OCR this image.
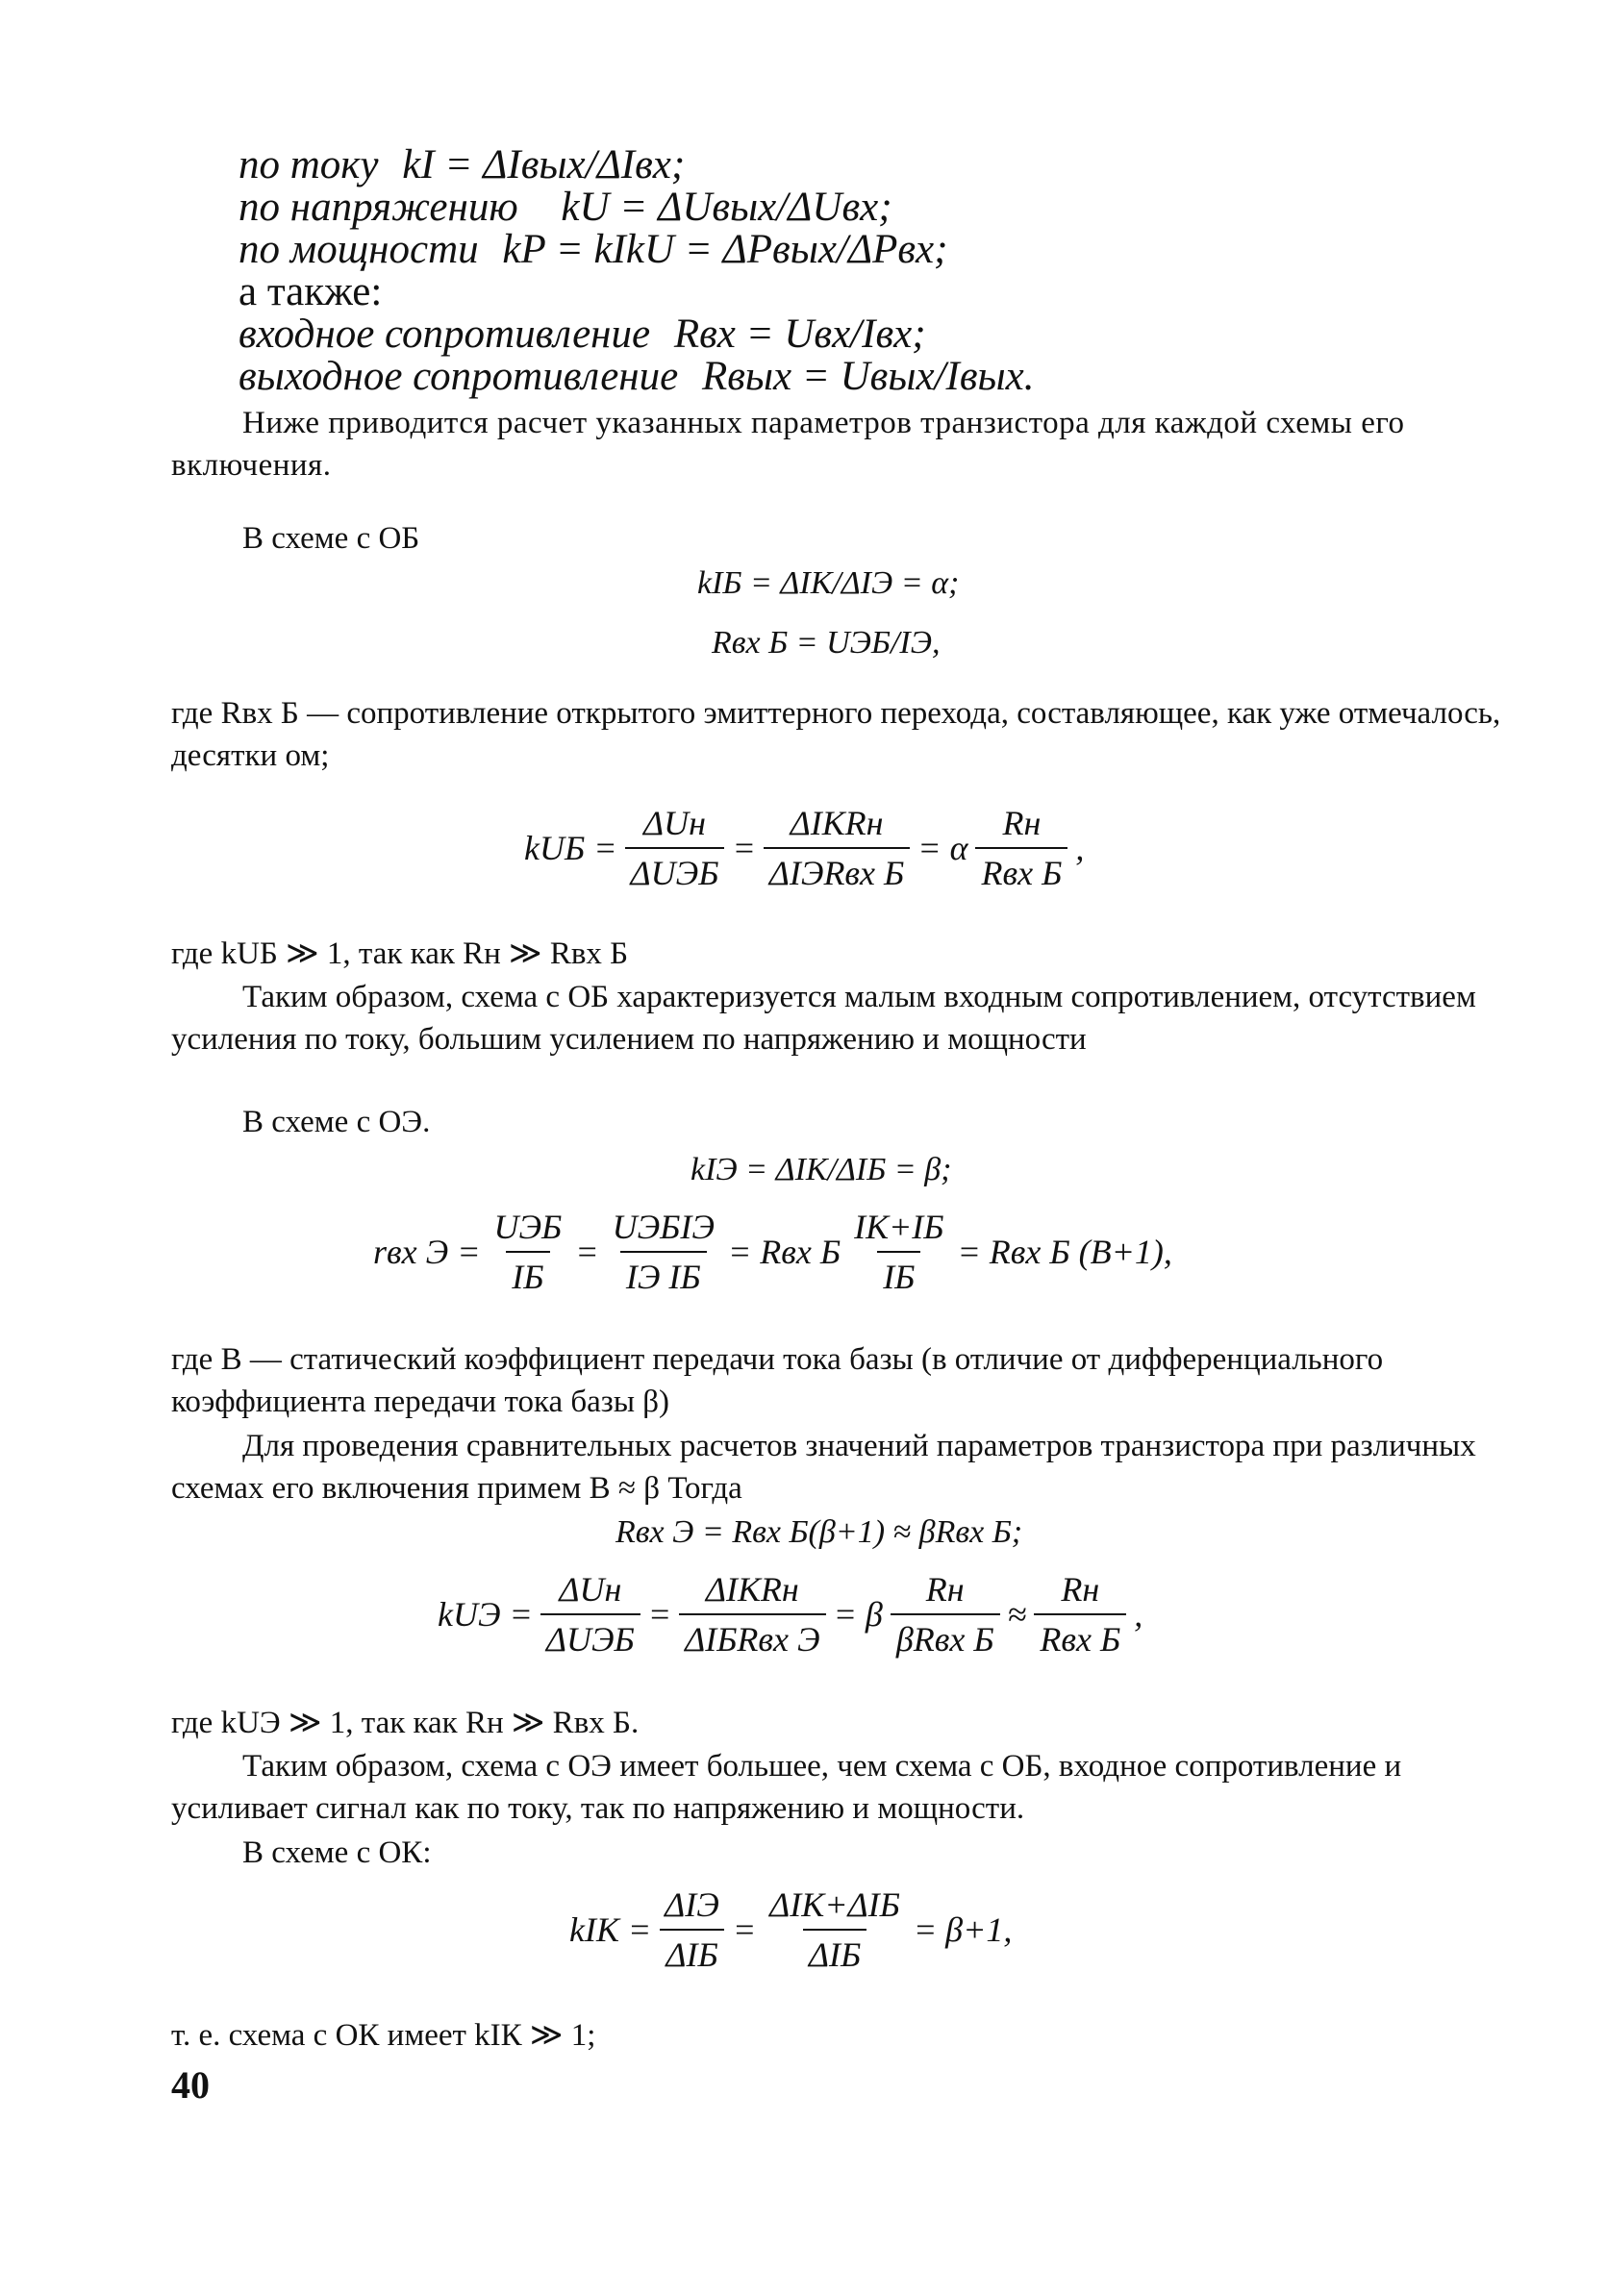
по току kI = ΔIвых/ΔIвх;
по напряжению kU = ΔUвых/ΔUвх;
по мощности kP = kIkU = ΔPвых/ΔPвх;
а также:
входное сопротивление Rвх = Uвх/Iвх;
выходное сопротивление Rвых = Uвых/Iвых.
Ниже приводится расчет указанных параметров транзистора для каждой схемы его включения.
В схеме с ОБ
kIБ = ΔIК/ΔIЭ = α;
Rвх Б = UЭБ/IЭ,
где Rвх Б — сопротивление открытого эмиттерного перехода, составляющее, как уже отмечалось, десятки ом;
kUБ = $\frac{\text{ΔUн}}{\text{ΔUЭБ}} = \frac{\text{ΔIКRн}}{\text{ΔIЭRвх Б}} = \alpha \frac{Rн}{\text{Rвх Б}}$ ,
где kUБ ≫ 1, так как Rн ≫ Rвх Б
Таким образом, схема с ОБ характеризуется малым входным сопротивлением, отсутствием усиления по току, большим усилением по напряжению и мощности
В схеме с ОЭ.
kIЭ = ΔIК/ΔIБ = β;
rвх $Э = \frac{\text{UЭБ}}{IБ} = \frac{\text{UЭБIЭ}}{\text{IЭ IБ}}$ = Rвх Б $\frac{IК+IБ}{IБ}$ = Rвх Б (B+1),
где B — статический коэффициент передачи тока базы (в отличие от дифференциального коэффициента передачи тока базы β)
Для проведения сравнительных расчетов значений параметров транзистора при различных схемах его включения примем B ≈ β Тогда
Rвх Э = Rвх Б(β+1) ≈ βRвх Б;
kUЭ = $\frac{\text{ΔUн}}{\text{ΔUЭБ}} = \frac{\text{ΔIКRн}}{\text{ΔIБRвх Э}} = \beta \frac{Rн}{\text{βRвх Б}} \approx \frac{Rн}{\text{Rвх Б}}$ ,
где kUЭ ≫ 1, так как Rн ≫ Rвх Б.
Таким образом, схема с ОЭ имеет большее, чем схема с ОБ, входное сопротивление и усиливает сигнал как по току, так по напряжению и мощности.
В схеме с ОК:
kIК = $\frac{\text{ΔIЭ}}{\text{ΔIБ}} = \frac{\text{ΔIК+ΔIБ}}{\text{ΔIБ}} = \beta+1$,
т. е. схема с ОК имеет kIК ≫ 1;
40
